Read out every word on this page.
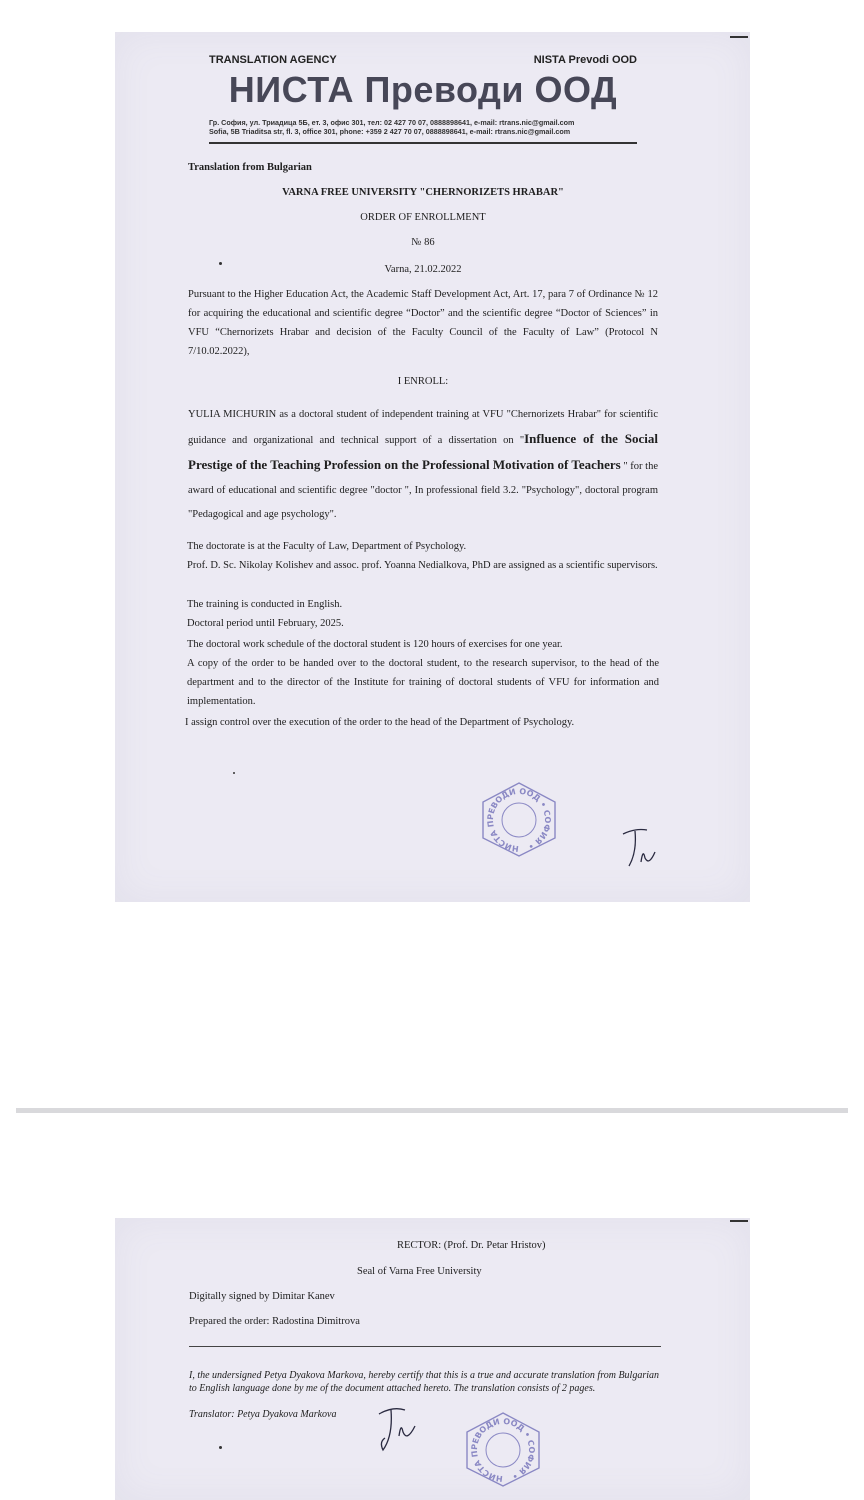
TRANSLATION AGENCY	NISTA Prevodi OOD
НИСТА Преводи ООД
Гр. София, ул. Триадица 5Б, ет. 3, офис 301, тел: 02 427 70 07, 0888898641, e-mail: rtrans.nic@gmail.com
Sofia, 5B Triaditsa str, fl. 3, office 301, phone: +359 2 427 70 07, 0888898641, e-mail: rtrans.nic@gmail.com
Translation from Bulgarian
VARNA FREE UNIVERSITY "CHERNORIZETS HRABAR"
ORDER OF ENROLLMENT
№ 86
Varna, 21.02.2022
Pursuant to the Higher Education Act, the Academic Staff Development Act, Art. 17, para 7 of Ordinance № 12 for acquiring the educational and scientific degree “Doctor” and the scientific degree “Doctor of Sciences” in VFU “Chernorizets Hrabar and decision of the Faculty Council of the Faculty of Law” (Protocol N 7/10.02.2022),
I ENROLL:
YULIA MICHURIN as a doctoral student of independent training at VFU "Chernorizets Hrabar" for scientific guidance and organizational and technical support of a dissertation on "Influence of the Social Prestige of the Teaching Profession on the Professional Motivation of Teachers " for the award of educational and scientific degree "doctor ", In professional field 3.2. "Psychology", doctoral program "Pedagogical and age psychology".
The doctorate is at the Faculty of Law, Department of Psychology.
Prof. D. Sc. Nikolay Kolishev and assoc. prof. Yoanna Nedialkova, PhD are assigned as a scientific supervisors.
The training is conducted in English.
Doctoral period until February, 2025.
The doctoral work schedule of the doctoral student is 120 hours of exercises for one year.
A copy of the order to be handed over to the doctoral student, to the research supervisor, to the head of the department and to the director of the Institute for training of doctoral students of VFU for information and implementation.
I assign control over the execution of the order to the head of the Department of Psychology.
НИСТА ПРЕВОДИ ООД • СОФИЯ •
RECTOR: (Prof. Dr. Petar Hristov)
Seal of Varna Free University
Digitally signed by Dimitar Kanev
Prepared the order: Radostina Dimitrova
I, the undersigned Petya Dyakova Markova, hereby certify that this is a true and accurate translation from Bulgarian to English language done by me of the document attached hereto. The translation consists of 2 pages.
Translator: Petya Dyakova Markova
НИСТА ПРЕВОДИ ООД • СОФИЯ •
